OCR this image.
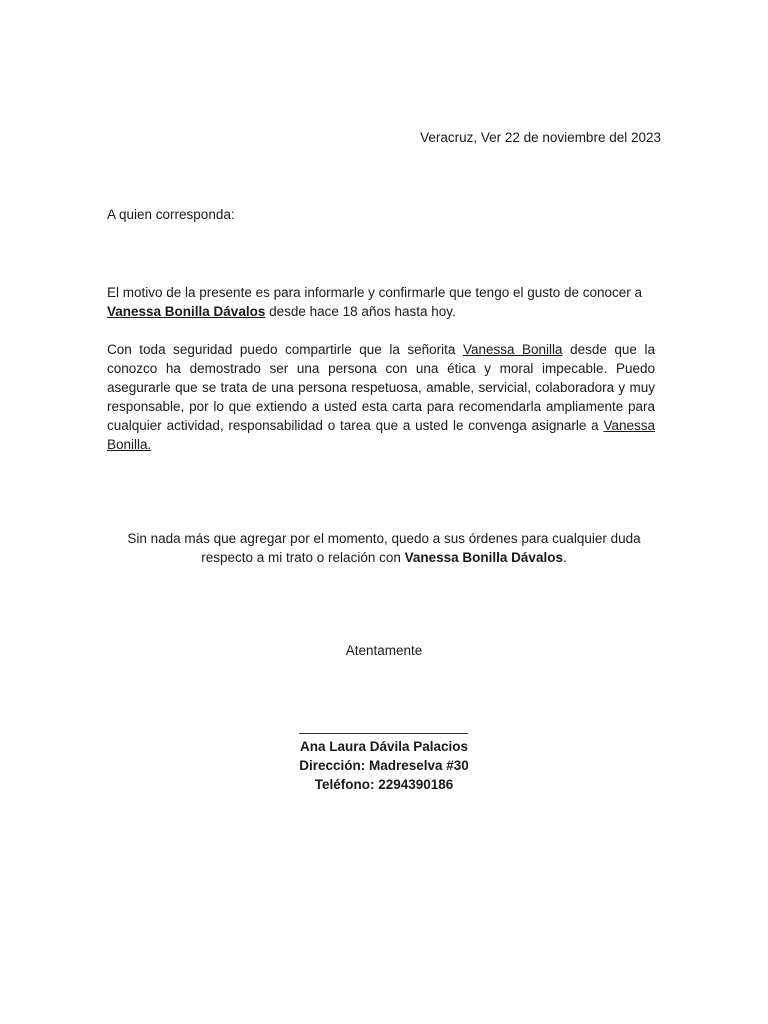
Veracruz, Ver 22 de noviembre del 2023
A quien corresponda:
El motivo de la presente es para informarle y confirmarle que tengo el gusto de conocer a Vanessa Bonilla Dávalos desde hace 18 años hasta hoy.
Con toda seguridad puedo compartirle que la señorita Vanessa Bonilla desde que la conozco ha demostrado ser una persona con una ética y moral impecable. Puedo asegurarle que se trata de una persona respetuosa, amable, servicial, colaboradora y muy responsable, por lo que extiendo a usted esta carta para recomendarla ampliamente para cualquier actividad, responsabilidad o tarea que a usted le convenga asignarle a Vanessa Bonilla.
Sin nada más que agregar por el momento, quedo a sus órdenes para cualquier duda respecto a mi trato o relación con Vanessa Bonilla Dávalos.
Atentamente
Ana Laura Dávila Palacios
Dirección: Madreselva #30
Teléfono: 2294390186
